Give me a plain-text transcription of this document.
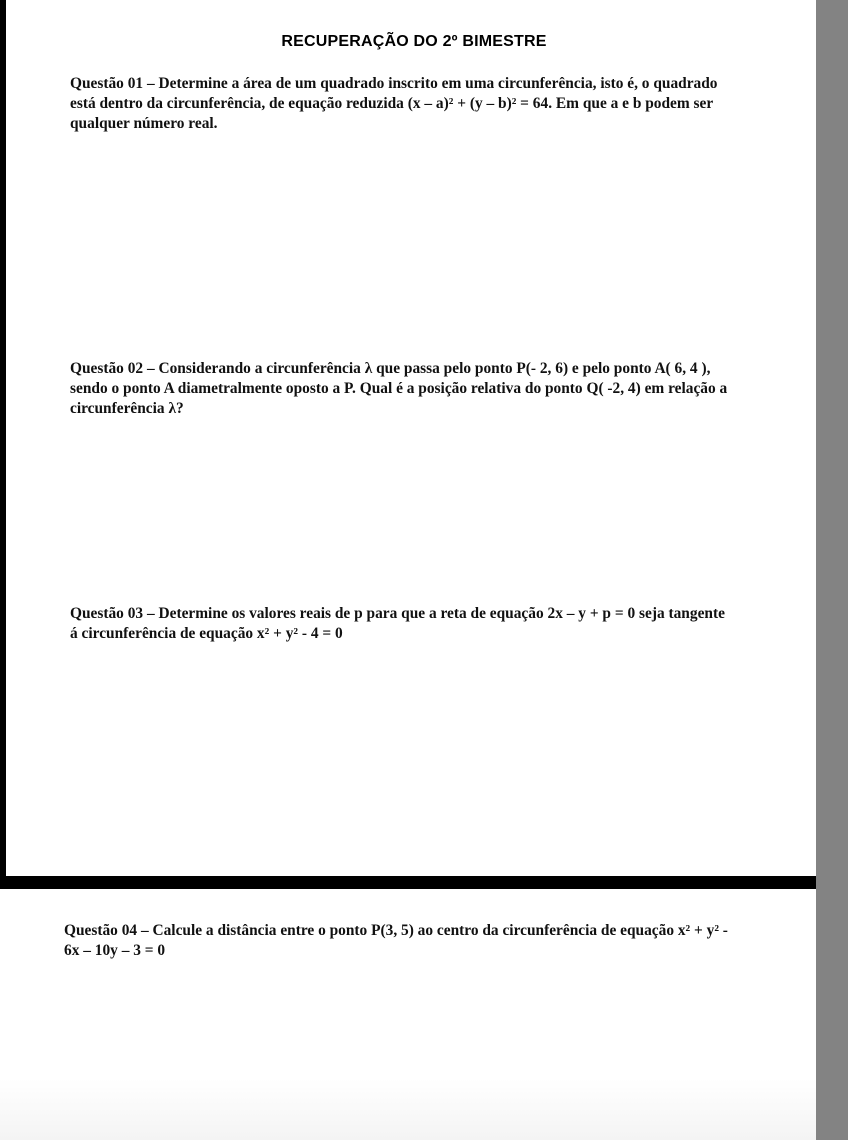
RECUPERAÇÃO DO 2º BIMESTRE

Questão 01 – Determine a área de um quadrado inscrito em uma circunferência, isto é, o quadrado
está dentro da circunferência, de equação reduzida (x – a)² + (y – b)² = 64. Em que a e b podem ser
qualquer número real.

Questão 02 – Considerando a circunferência λ que passa pelo ponto P(- 2, 6) e pelo ponto A( 6, 4 ),
sendo o ponto A diametralmente oposto a P. Qual é a posição relativa do ponto Q( -2, 4) em relação a
circunferência λ?

Questão 03 – Determine os valores reais de p para que a reta de equação 2x – y + p = 0 seja tangente
á circunferência de equação x² + y² - 4 = 0

Questão 04 – Calcule a distância entre o ponto P(3, 5) ao centro da circunferência de equação x² + y² -
6x – 10y – 3 = 0
